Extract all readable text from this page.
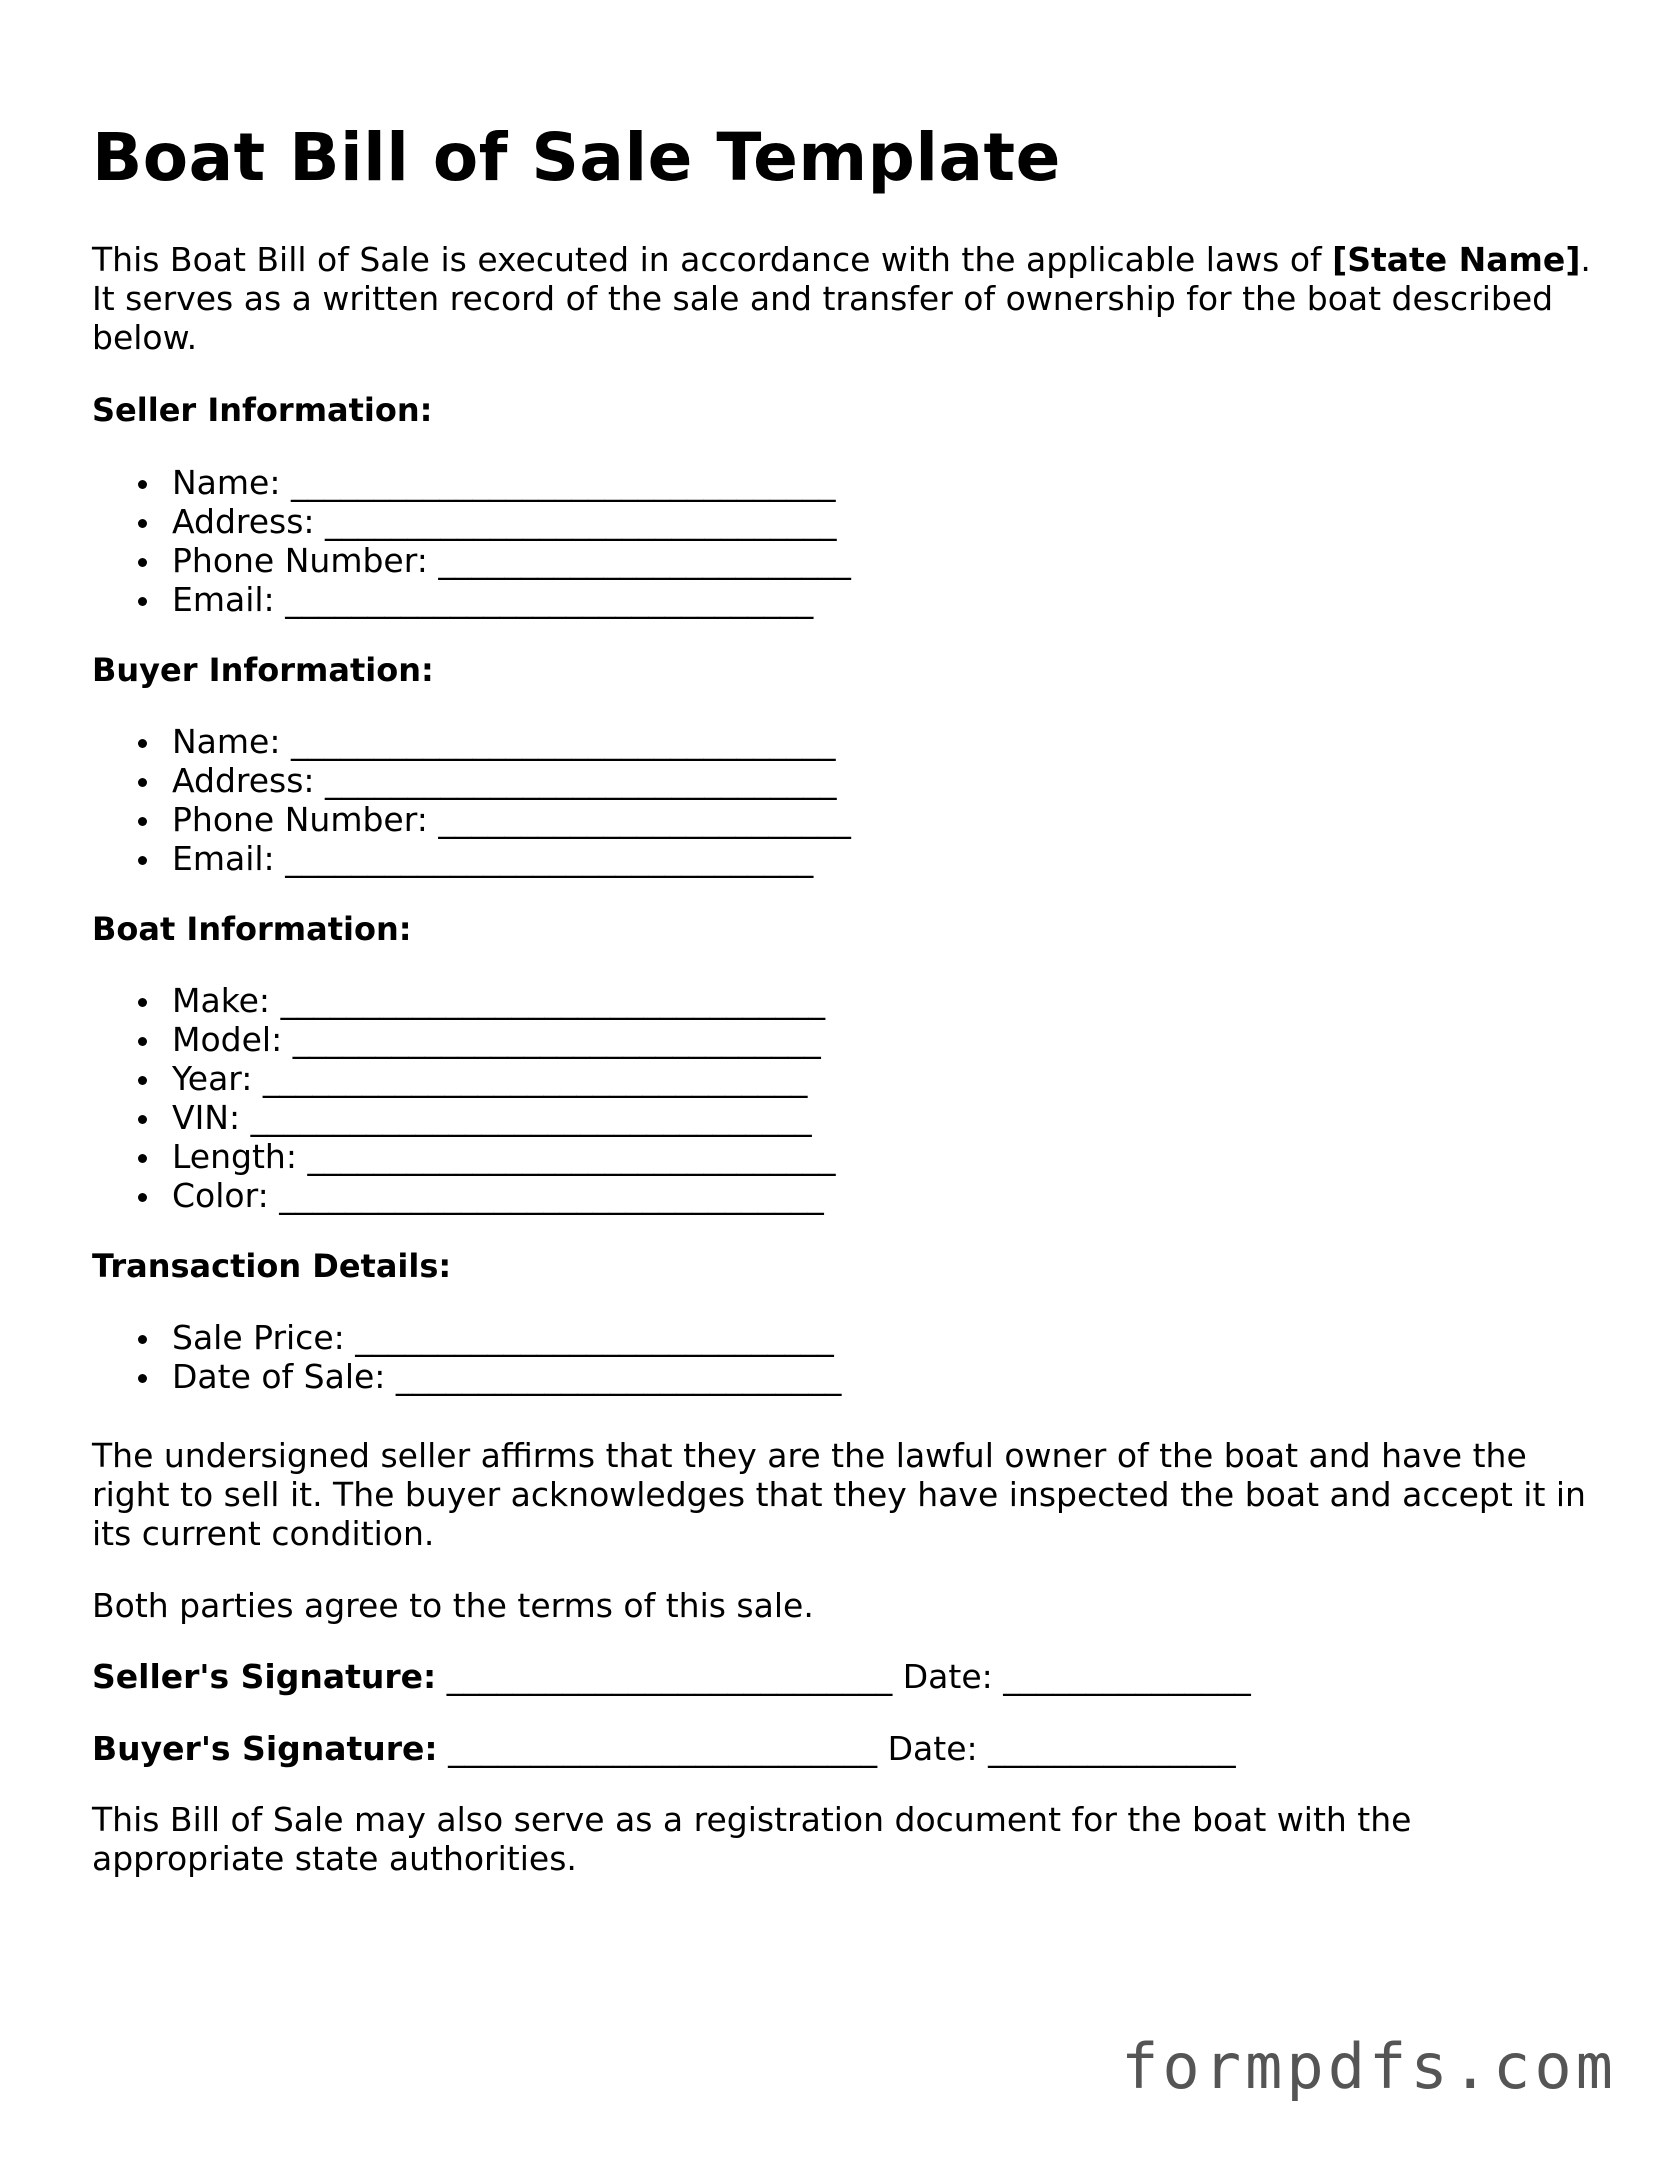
Boat Bill of Sale Template
This Boat Bill of Sale is executed in accordance with the applicable laws of [State Name].
It serves as a written record of the sale and transfer of ownership for the boat described
below.
Seller Information:
Name: _________________________________
Address: _______________________________
Phone Number: _________________________
Email: ________________________________
Buyer Information:
Name: _________________________________
Address: _______________________________
Phone Number: _________________________
Email: ________________________________
Boat Information:
Make: _________________________________
Model: ________________________________
Year: _________________________________
VIN: __________________________________
Length: ________________________________
Color: _________________________________
Transaction Details:
Sale Price: _____________________________
Date of Sale: ___________________________
The undersigned seller affirms that they are the lawful owner of the boat and have the
right to sell it. The buyer acknowledges that they have inspected the boat and accept it in
its current condition.
Both parties agree to the terms of this sale.
Seller's Signature: ___________________________ Date: _______________
Buyer's Signature: __________________________ Date: _______________
This Bill of Sale may also serve as a registration document for the boat with the
appropriate state authorities.
formpdfs.com
